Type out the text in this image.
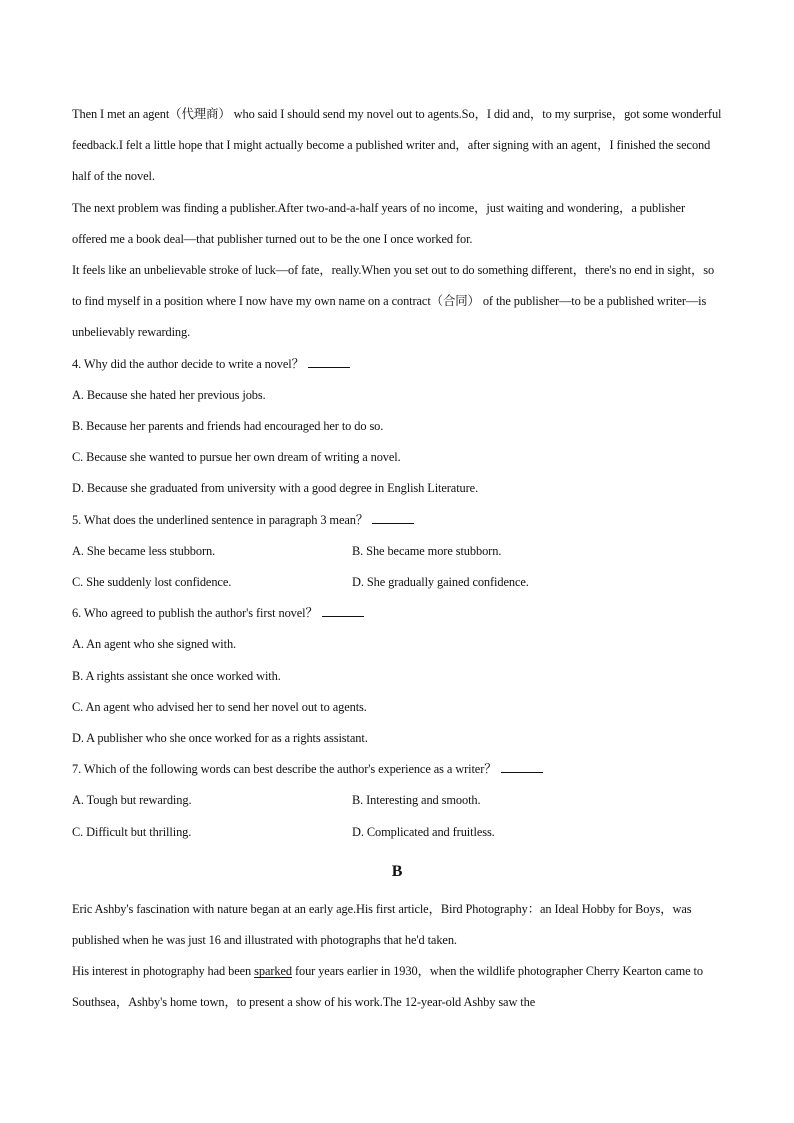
Then I met an agent（代理商） who said I should send my novel out to agents.So，I did and，to my surprise，got some wonderful feedback.I felt a little hope that I might actually become a published writer and，after signing with an agent，I finished the second half of the novel.

The next problem was finding a publisher.After two-and-a-half years of no income，just waiting and wondering，a publisher offered me a book deal—that publisher turned out to be the one I once worked for.

It feels like an unbelievable stroke of luck—of fate，really.When you set out to do something different，there's no end in sight，so to find myself in a position where I now have my own name on a contract（合同） of the publisher—to be a published writer—is unbelievably rewarding.

4. Why did the author decide to write a novel？

A. Because she hated her previous jobs.

B. Because her parents and friends had encouraged her to do so.

C. Because she wanted to pursue her own dream of writing a novel.

D. Because she graduated from university with a good degree in English Literature.

5. What does the underlined sentence in paragraph 3 mean？

A. She became less stubborn.	B. She became more stubborn.
C. She suddenly lost confidence.	D. She gradually gained confidence.

6. Who agreed to publish the author's first novel？

A. An agent who she signed with.

B. A rights assistant she once worked with.

C. An agent who advised her to send her novel out to agents.

D. A publisher who she once worked for as a rights assistant.

7. Which of the following words can best describe the author's experience as a writer？

A. Tough but rewarding.	B. Interesting and smooth.
C. Difficult but thrilling.	D. Complicated and fruitless.

B

Eric Ashby's fascination with nature began at an early age.His first article，Bird Photography：an Ideal Hobby for Boys，was published when he was just 16 and illustrated with photographs that he'd taken.

His interest in photography had been sparked four years earlier in 1930，when the wildlife photographer Cherry Kearton came to Southsea，Ashby's home town，to present a show of his work.The 12-year-old Ashby saw the
